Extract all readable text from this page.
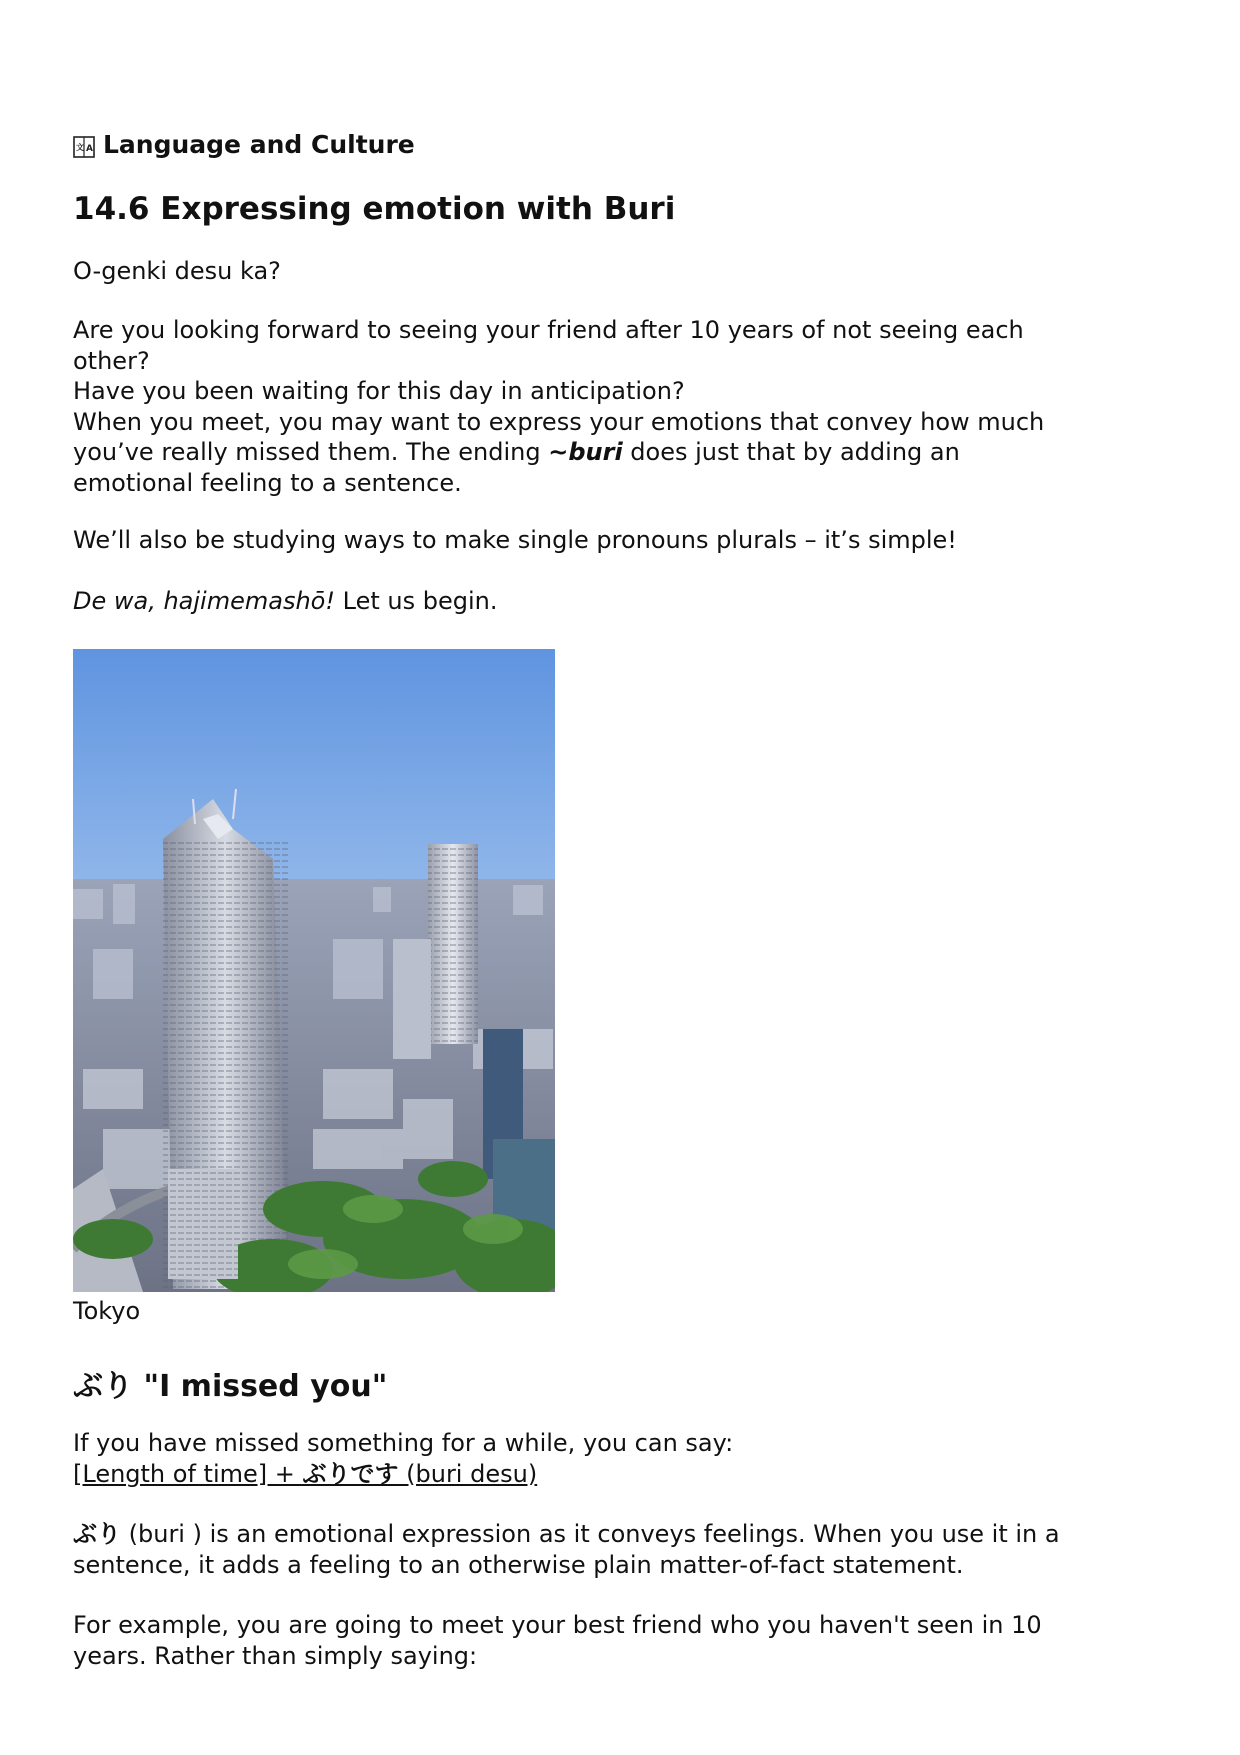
文 A Language and Culture
14.6 Expressing emotion with Buri

O-genki desu ka?

Are you looking forward to seeing your friend after 10 years of not seeing each
other?
Have you been waiting for this day in anticipation?
When you meet, you may want to express your emotions that convey how much
you’ve really missed them. The ending ~buri does just that by adding an
emotional feeling to a sentence.

We’ll also be studying ways to make single pronouns plurals – it’s simple!

De wa, hajimemashō! Let us begin.

Tokyo
ぶり "I missed you"
If you have missed something for a while, you can say:
[Length of time] + ぶりです (buri desu)
ぶり (buri ) is an emotional expression as it conveys feelings. When you use it in a
sentence, it adds a feeling to an otherwise plain matter-of-fact statement.
For example, you are going to meet your best friend who you haven't seen in 10
years. Rather than simply saying:
